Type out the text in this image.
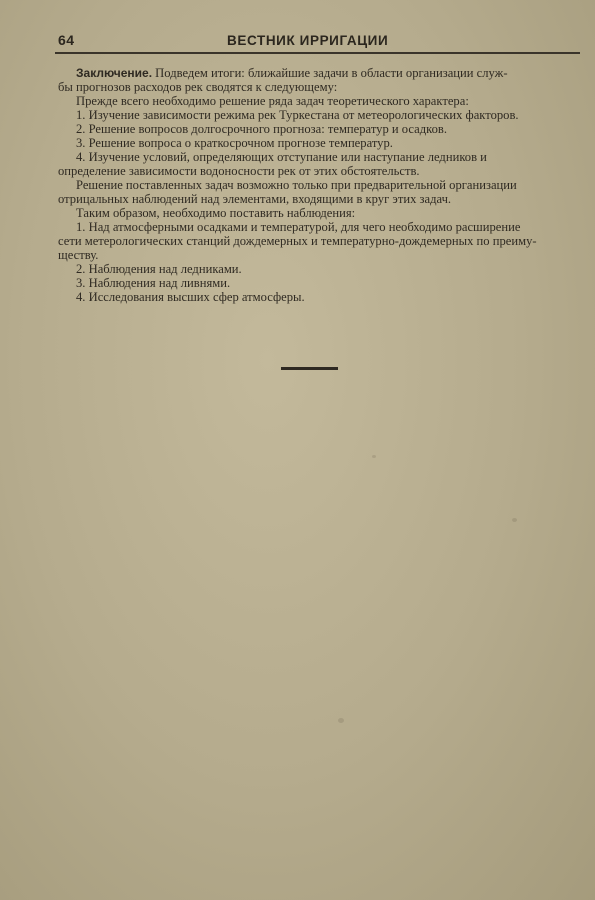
64	ВЕСТНИК ИРРИГАЦИИ
Заключение. Подведем итоги: ближайшие задачи в области организации служ-
бы прогнозов расходов рек сводятся к следующему:
Прежде всего необходимо решение ряда задач теоретического характера:
1. Изучение зависимости режима рек Туркестана от метеорологических факторов.
2. Решение вопросов долгосрочного прогноза: температур и осадков.
3. Решение вопроса о краткосрочном прогнозе температур.
4. Изучение условий, определяющих отступание или наступание ледников и
определение зависимости водоносности рек от этих обстоятельств.
Решение поставленных задач возможно только при предварительной организации
отрицальных наблюдений над элементами, входящими в круг этих задач.
Таким образом, необходимо поставить наблюдения:
1. Над атмосферными осадками и температурой, для чего необходимо расширение
сети метерологических станций дождемерных и температурно-дождемерных по преиму-
ществу.
2. Наблюдения над ледниками.
3. Наблюдения над ливнями.
4. Исследования высших сфер атмосферы.
